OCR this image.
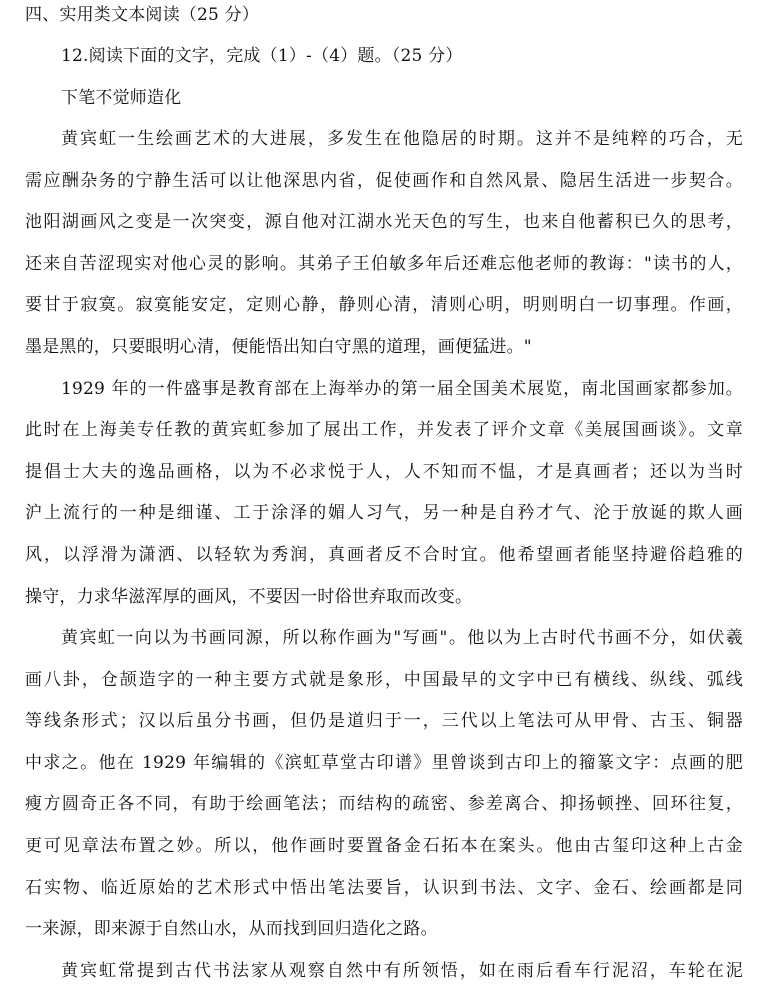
四、实用类文本阅读（25 分）
12.阅读下面的文字，完成（1）-（4）题。（25 分）
下笔不觉师造化
黄宾虹一生绘画艺术的大进展，多发生在他隐居的时期。这并不是纯粹的巧合，无
需应酬杂务的宁静生活可以让他深思内省，促使画作和自然风景、隐居生活进一步契合。
池阳湖画风之变是一次突变，源自他对江湖水光天色的写生，也来自他蓄积已久的思考，
还来自苦涩现实对他心灵的影响。其弟子王伯敏多年后还难忘他老师的教诲："读书的人，
要甘于寂寞。寂寞能安定，定则心静，静则心清，清则心明，明则明白一切事理。作画，
墨是黑的，只要眼明心清，便能悟出知白守黑的道理，画便猛进。"
1929 年的一件盛事是教育部在上海举办的第一届全国美术展览，南北国画家都参加。
此时在上海美专任教的黄宾虹参加了展出工作，并发表了评介文章《美展国画谈》。文章
提倡士大夫的逸品画格，以为不必求悦于人，人不知而不愠，才是真画者；还以为当时
沪上流行的一种是细谨、工于涂泽的媚人习气，另一种是自矜才气、沦于放诞的欺人画
风，以浮滑为潇洒、以轻软为秀润，真画者反不合时宜。他希望画者能坚持避俗趋雅的
操守，力求华滋浑厚的画风，不要因一时俗世弃取而改变。
黄宾虹一向以为书画同源，所以称作画为"写画"。他以为上古时代书画不分，如伏羲
画八卦，仓颉造字的一种主要方式就是象形，中国最早的文字中已有横线、纵线、弧线
等线条形式；汉以后虽分书画，但仍是道归于一，三代以上笔法可从甲骨、古玉、铜器
中求之。他在 1929 年编辑的《滨虹草堂古印谱》里曾谈到古印上的籀篆文字：点画的肥
瘦方圆奇正各不同，有助于绘画笔法；而结构的疏密、参差离合、抑扬顿挫、回环往复，
更可见章法布置之妙。所以，他作画时要置备金石拓本在案头。他由古玺印这种上古金
石实物、临近原始的艺术形式中悟出笔法要旨，认识到书法、文字、金石、绘画都是同
一来源，即来源于自然山水，从而找到回归造化之路。
黄宾虹常提到古代书法家从观察自然中有所领悟，如在雨后看车行泥沼，车轮在泥
